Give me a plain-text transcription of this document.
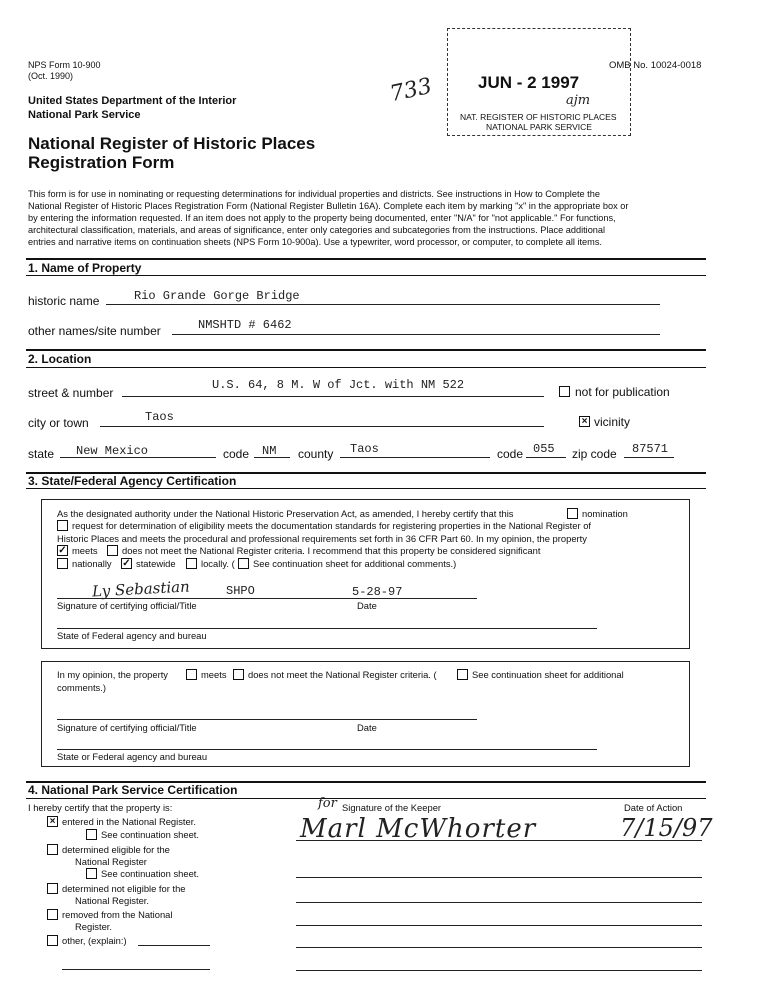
NPS Form 10-900
(Oct. 1990)
OMB No. 10024-0018
United States Department of the Interior
National Park Service
National Register of Historic Places
Registration Form
733	JUN - 2 1997
ajm
NAT. REGISTER OF HISTORIC PLACES
NATIONAL PARK SERVICE
This form is for use in nominating or requesting determinations for individual properties and districts. See instructions in How to Complete the
National Register of Historic Places Registration Form (National Register Bulletin 16A). Complete each item by marking "x" in the appropriate box or
by entering the information requested. If an item does not apply to the property being documented, enter "N/A" for "not applicable." For functions,
architectural classification, materials, and areas of significance, enter only categories and subcategories from the instructions. Place additional
entries and narrative items on continuation sheets (NPS Form 10-900a). Use a typewriter, word processor, or computer, to complete all items.
1. Name of Property
historic name	Rio Grande Gorge Bridge
other names/site number	NMSHTD # 6462
2. Location
street & number
U.S. 64, 8 M. W of Jct. with NM 522	not for publication
city or town	Taos	× vicinity
state New Mexico	code NM county Taos	code 055 zip code 87571
3. State/Federal Agency Certification
As the designated authority under the National Historic Preservation Act, as amended, I hereby certify that this	nomination
request for determination of eligibility meets the documentation standards for registering properties in the National Register of
Historic Places and meets the procedural and professional requirements set forth in 36 CFR Part 60. In my opinion, the property
✓ meets	does not meet the National Register criteria. I recommend that this property be considered significant
nationally ✓ statewide	locally. ( See continuation sheet for additional comments.)
Ly Sebastian	SHPO	5-28-97
Signature of certifying official/Title	Date
State of Federal agency and bureau
In my opinion, the property	meets does not meet the National Register criteria. (	See continuation sheet for additional
comments.)
Signature of certifying official/Title	Date
State or Federal agency and bureau
4. National Park Service Certification
I hereby certify that the property is:	for Signature of the Keeper	Date of Action
Marl McWhorter	7/15/97
× entered in the National Register.
See continuation sheet.
determined eligible for the
National Register
See continuation sheet.
determined not eligible for the
National Register.
removed from the National
Register.
other, (explain:)
